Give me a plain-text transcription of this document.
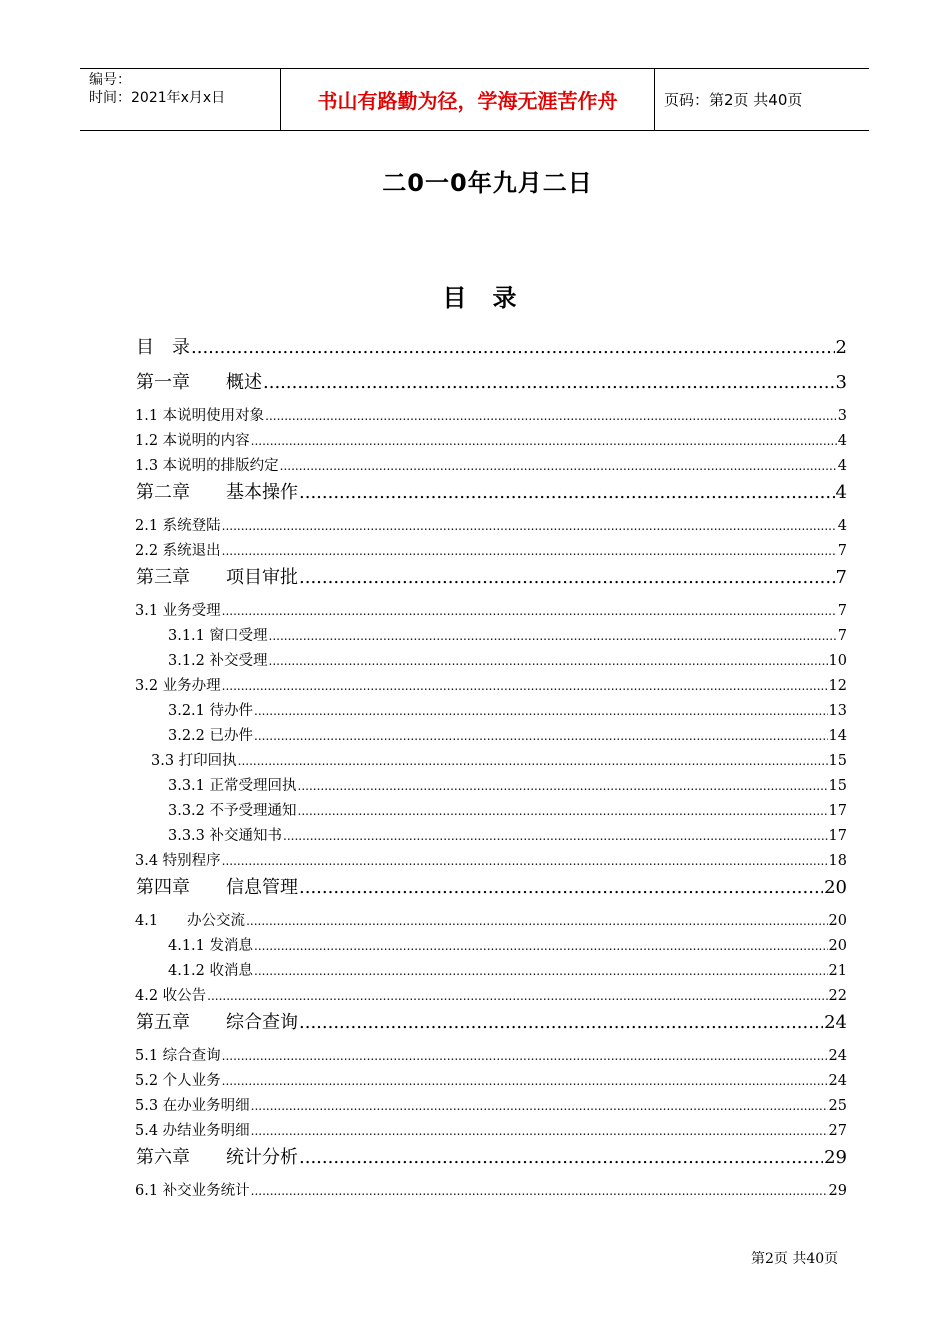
编号：
时间：2021年x月x日	书山有路勤为径，学海无涯苦作舟	页码：第2页 共40页
二0一0年九月二日
目录
目　录 .....	2
第一章　　概述 .....	3
1.1 本说明使用对象 .....	3
1.2 本说明的内容 .....	4
1.3 本说明的排版约定 .....	4
第二章　　基本操作 .....	4
2.1 系统登陆 .....	4
2.2 系统退出 .....	7
第三章　　项目审批 .....	7
3.1 业务受理 .....	7
3.1.1 窗口受理 .....	7
3.1.2 补交受理 .....	10
3.2 业务办理 .....	12
3.2.1 待办件 .....	13
3.2.2 已办件 .....	14
3.3 打印回执 .....	15
3.3.1 正常受理回执 .....	15
3.3.2 不予受理通知 .....	17
3.3.3 补交通知书 .....	17
3.4 特别程序 .....	18
第四章　　信息管理 .....	20
4.1　　办公交流 .....	20
4.1.1 发消息 .....	20
4.1.2 收消息 .....	21
4.2 收公告 .....	22
第五章　　综合查询 .....	24
5.1 综合查询 .....	24
5.2 个人业务 .....	24
5.3 在办业务明细 .....	25
5.4 办结业务明细 .....	27
第六章　　统计分析 .....	29
6.1 补交业务统计 .....	29
第2页 共40页
